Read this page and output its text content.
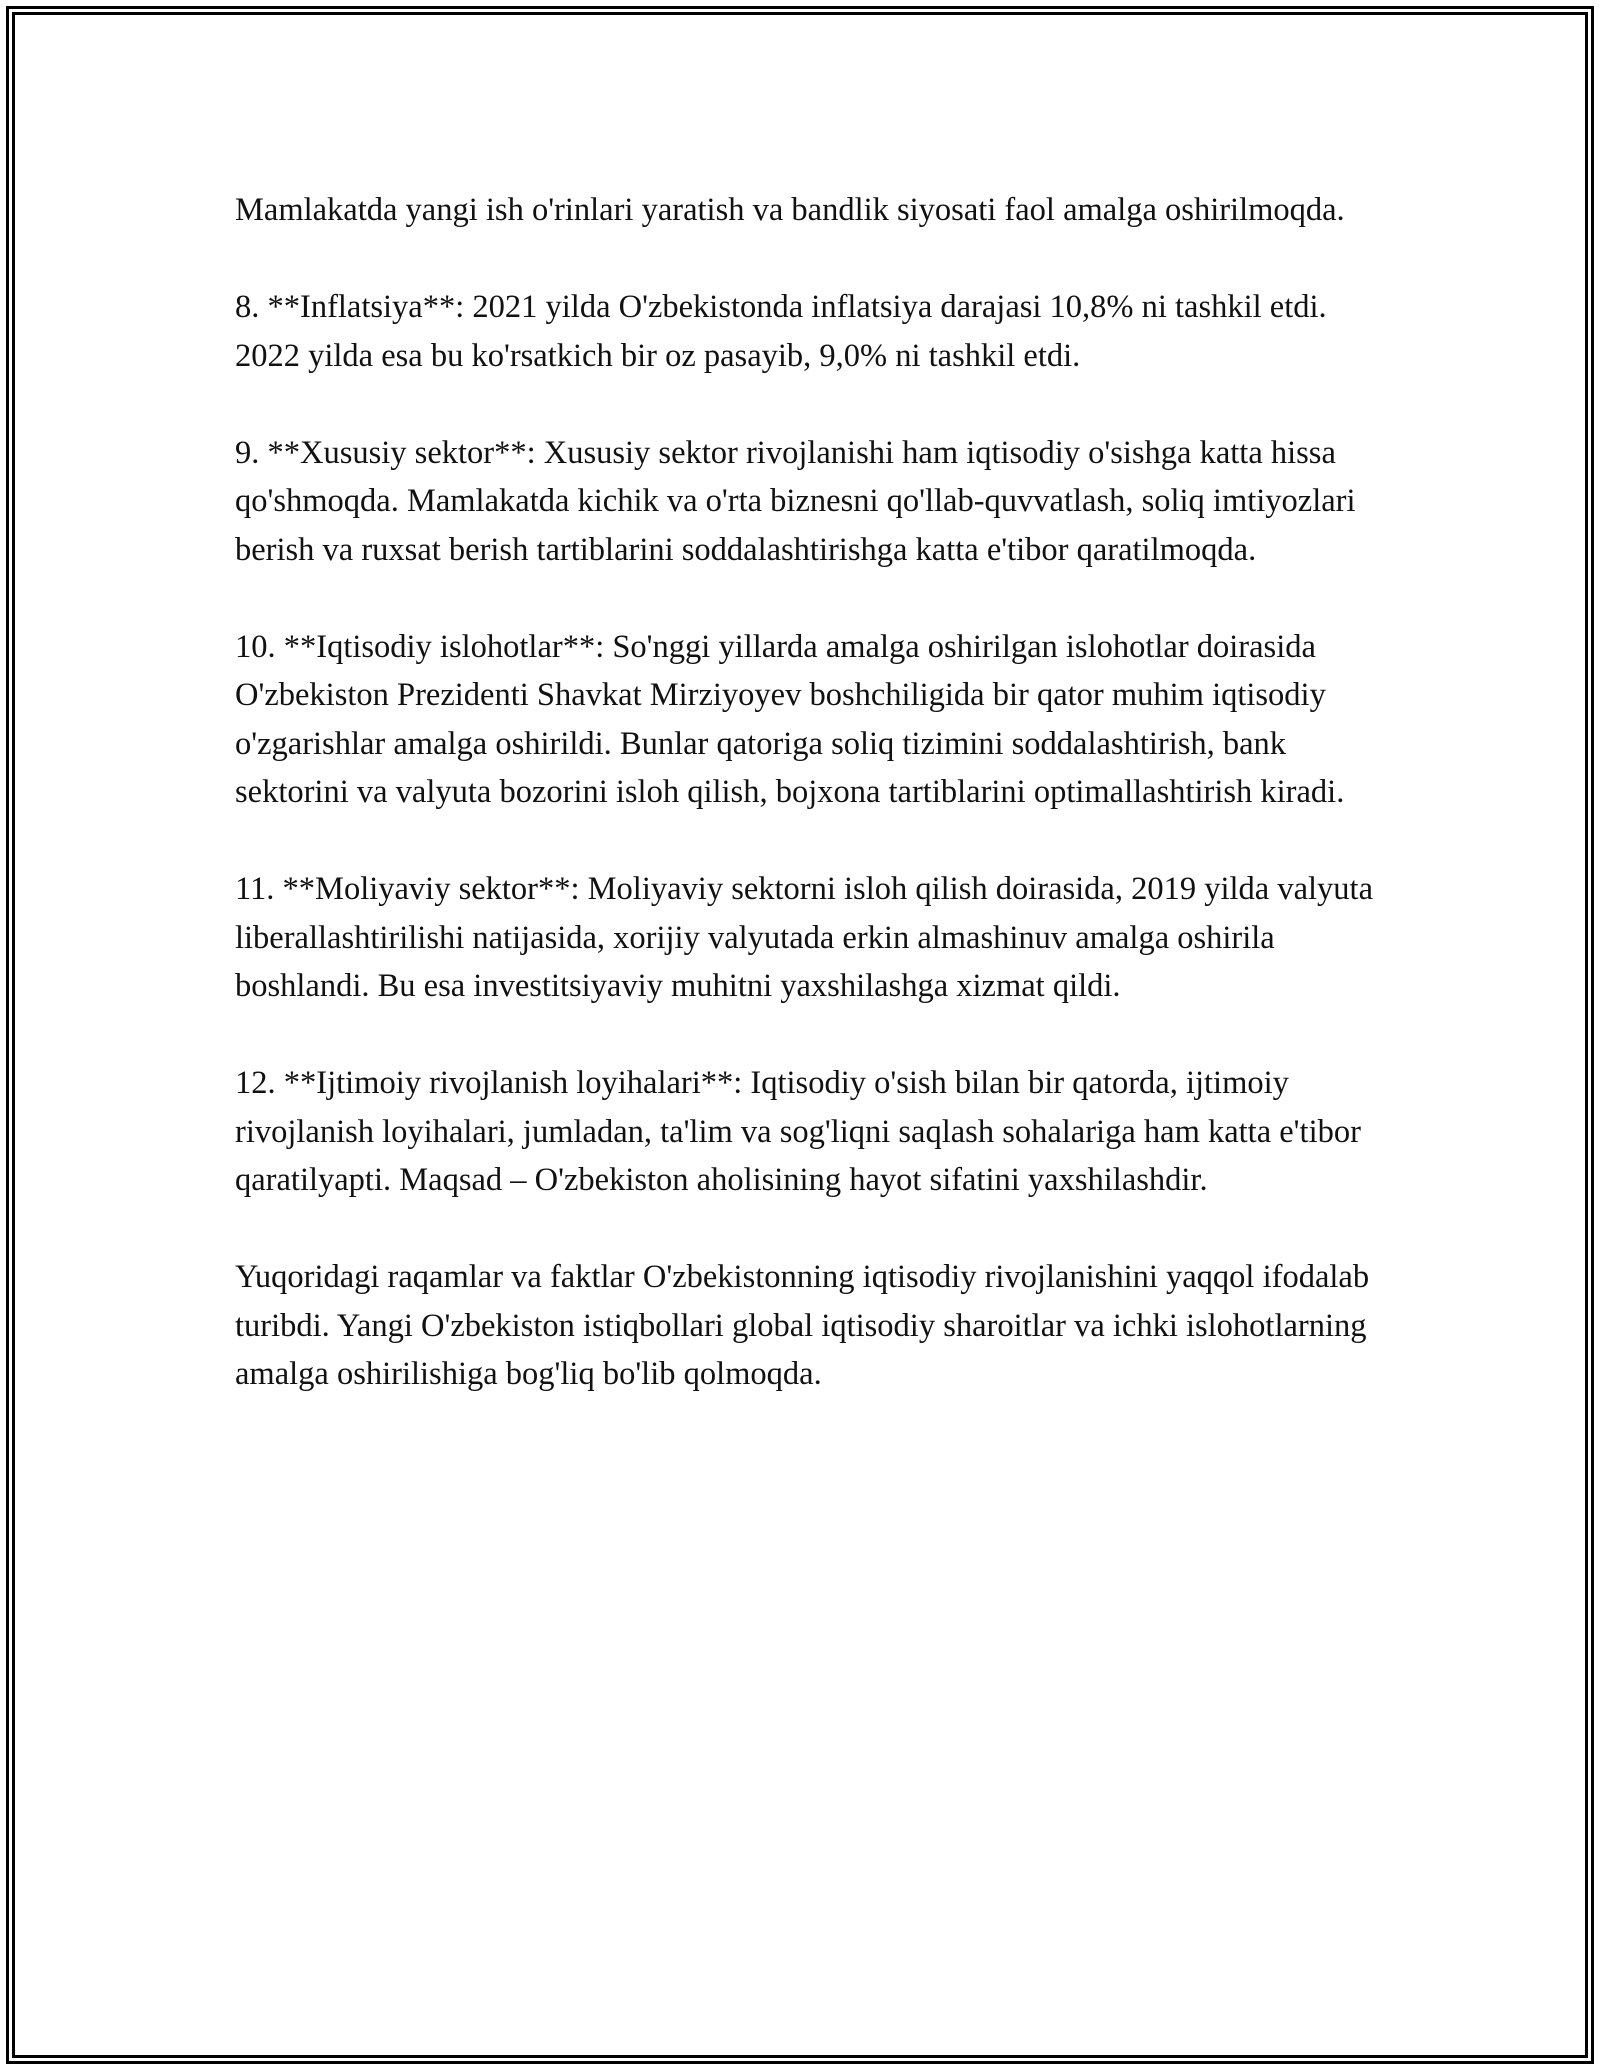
Mamlakatda yangi ish o'rinlari yaratish va bandlik siyosati faol amalga oshirilmoqda.

8. **Inflatsiya**: 2021 yilda O'zbekistonda inflatsiya darajasi 10,8% ni tashkil etdi. 2022 yilda esa bu ko'rsatkich bir oz pasayib, 9,0% ni tashkil etdi.

9. **Xususiy sektor**: Xususiy sektor rivojlanishi ham iqtisodiy o'sishga katta hissa qo'shmoqda. Mamlakatda kichik va o'rta biznesni qo'llab-quvvatlash, soliq imtiyozlari berish va ruxsat berish tartiblarini soddalashtirishga katta e'tibor qaratilmoqda.

10. **Iqtisodiy islohotlar**: So'nggi yillarda amalga oshirilgan islohotlar doirasida O'zbekiston Prezidenti Shavkat Mirziyoyev boshchiligida bir qator muhim iqtisodiy o'zgarishlar amalga oshirildi. Bunlar qatoriga soliq tizimini soddalashtirish, bank sektorini va valyuta bozorini isloh qilish, bojxona tartiblarini optimallashtirish kiradi.

11. **Moliyaviy sektor**: Moliyaviy sektorni isloh qilish doirasida, 2019 yilda valyuta liberallashtirilishi natijasida, xorijiy valyutada erkin almashinuv amalga oshirila boshlandi. Bu esa investitsiyaviy muhitni yaxshilashga xizmat qildi.

12. **Ijtimoiy rivojlanish loyihalari**: Iqtisodiy o'sish bilan bir qatorda, ijtimoiy rivojlanish loyihalari, jumladan, ta'lim va sog'liqni saqlash sohalariga ham katta e'tibor qaratilyapti. Maqsad – O'zbekiston aholisining hayot sifatini yaxshilashdir.

Yuqoridagi raqamlar va faktlar O'zbekistonning iqtisodiy rivojlanishini yaqqol ifodalab turibdi. Yangi O'zbekiston istiqbollari global iqtisodiy sharoitlar va ichki islohotlarning amalga oshirilishiga bog'liq bo'lib qolmoqda.
